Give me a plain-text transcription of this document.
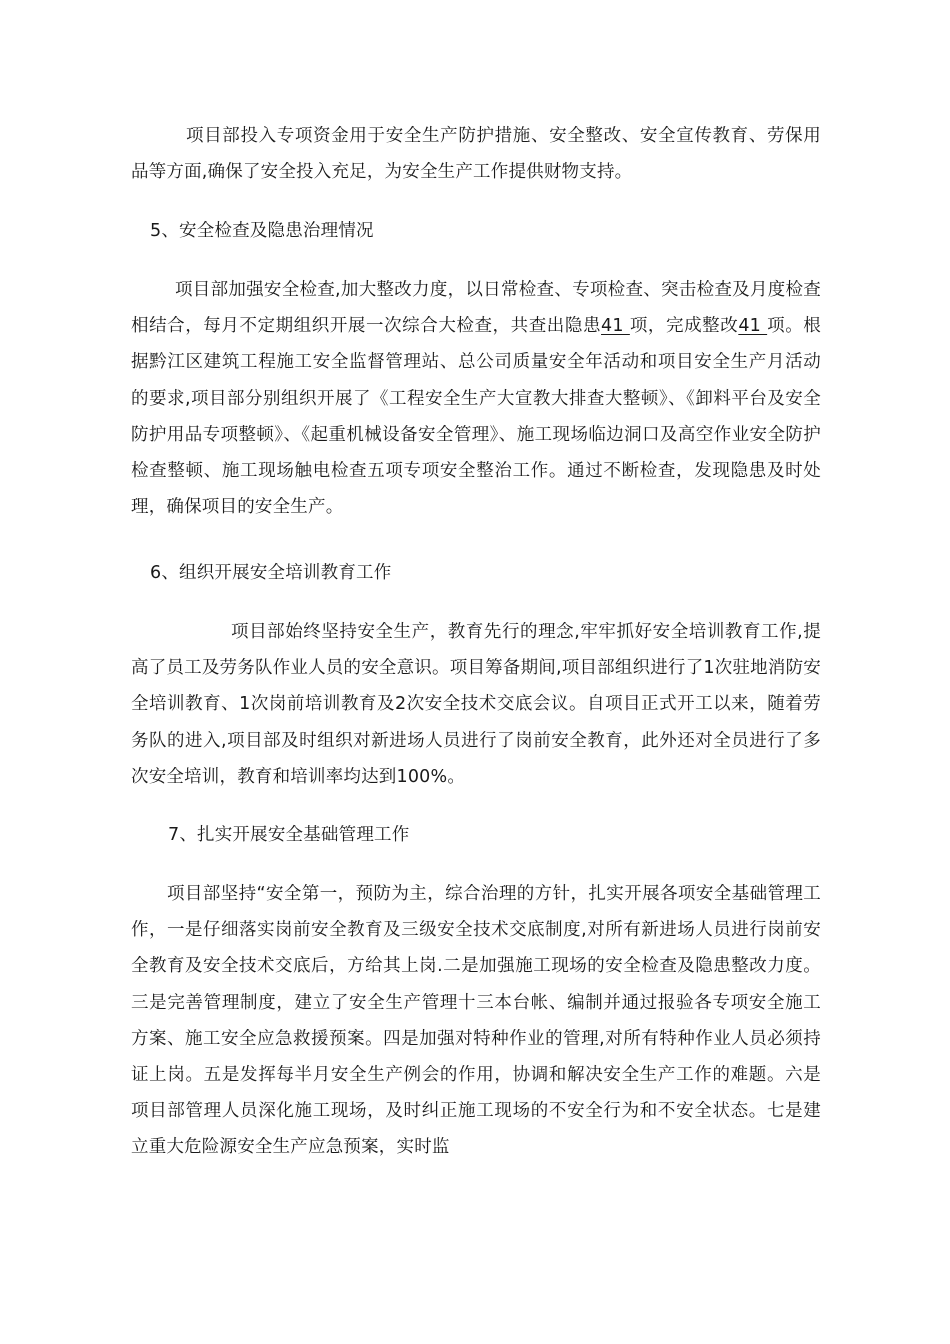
项目部投入专项资金用于安全生产防护措施、安全整改、安全宣传教育、劳保用品等方面,确保了安全投入充足，为安全生产工作提供财物支持。

5、安全检查及隐患治理情况

项目部加强安全检查,加大整改力度，以日常检查、专项检查、突击检查及月度检查相结合，每月不定期组织开展一次综合大检查，共查出隐患41 项，完成整改41 项。根据黔江区建筑工程施工安全监督管理站、总公司质量安全年活动和项目安全生产月活动的要求,项目部分别组织开展了《工程安全生产大宣教大排查大整顿》、《卸料平台及安全防护用品专项整顿》、《起重机械设备安全管理》、施工现场临边洞口及高空作业安全防护检查整顿、施工现场触电检查五项专项安全整治工作。通过不断检查，发现隐患及时处理，确保项目的安全生产。

6、组织开展安全培训教育工作

项目部始终坚持安全生产，教育先行的理念,牢牢抓好安全培训教育工作,提高了员工及劳务队作业人员的安全意识。项目筹备期间,项目部组织进行了1次驻地消防安全培训教育、1次岗前培训教育及2次安全技术交底会议。自项目正式开工以来，随着劳务队的进入,项目部及时组织对新进场人员进行了岗前安全教育，此外还对全员进行了多次安全培训，教育和培训率均达到100%。

7、扎实开展安全基础管理工作

项目部坚持“安全第一，预防为主，综合治理的方针，扎实开展各项安全基础管理工作，一是仔细落实岗前安全教育及三级安全技术交底制度,对所有新进场人员进行岗前安全教育及安全技术交底后，方给其上岗.二是加强施工现场的安全检查及隐患整改力度。三是完善管理制度，建立了安全生产管理十三本台帐、编制并通过报验各专项安全施工方案、施工安全应急救援预案。四是加强对特种作业的管理,对所有特种作业人员必须持证上岗。五是发挥每半月安全生产例会的作用，协调和解决安全生产工作的难题。六是项目部管理人员深化施工现场，及时纠正施工现场的不安全行为和不安全状态。七是建立重大危险源安全生产应急预案，实时监
